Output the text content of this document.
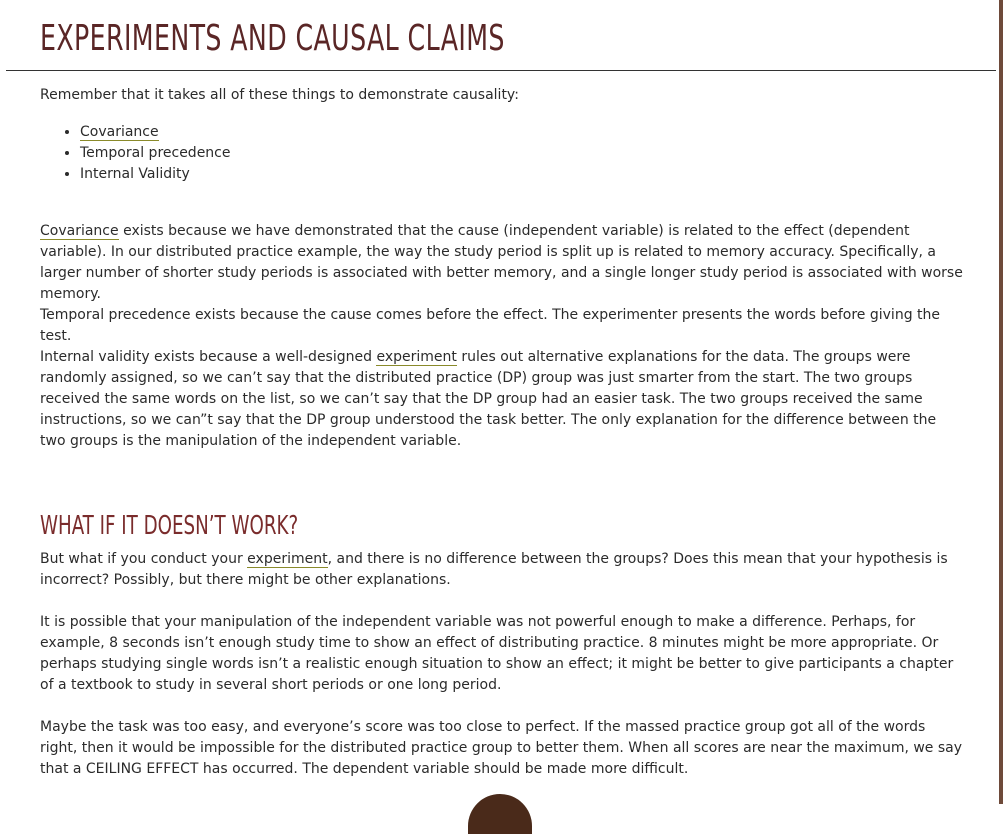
EXPERIMENTS AND CAUSAL CLAIMS

Remember that it takes all of these things to demonstrate causality:

• Covariance
• Temporal precedence
• Internal Validity

Covariance exists because we have demonstrated that the cause (independent variable) is related to the effect (dependent variable). In our distributed practice example, the way the study period is split up is related to memory accuracy. Specifically, a larger number of shorter study periods is associated with better memory, and a single longer study period is associated with worse memory.

Temporal precedence exists because the cause comes before the effect. The experimenter presents the words before giving the test.

Internal validity exists because a well-designed experiment rules out alternative explanations for the data. The groups were randomly assigned, so we can’t say that the distributed practice (DP) group was just smarter from the start. The two groups received the same words on the list, so we can’t say that the DP group had an easier task. The two groups received the same instructions, so we can”t say that the DP group understood the task better. The only explanation for the difference between the two groups is the manipulation of the independent variable.

WHAT IF IT DOESN’T WORK?

But what if you conduct your experiment, and there is no difference between the groups? Does this mean that your hypothesis is incorrect? Possibly, but there might be other explanations.

It is possible that your manipulation of the independent variable was not powerful enough to make a difference. Perhaps, for example, 8 seconds isn’t enough study time to show an effect of distributing practice. 8 minutes might be more appropriate. Or perhaps studying single words isn’t a realistic enough situation to show an effect; it might be better to give participants a chapter of a textbook to study in several short periods or one long period.

Maybe the task was too easy, and everyone’s score was too close to perfect. If the massed practice group got all of the words right, then it would be impossible for the distributed practice group to better them. When all scores are near the maximum, we say that a CEILING EFFECT has occurred. The dependent variable should be made more difficult.
